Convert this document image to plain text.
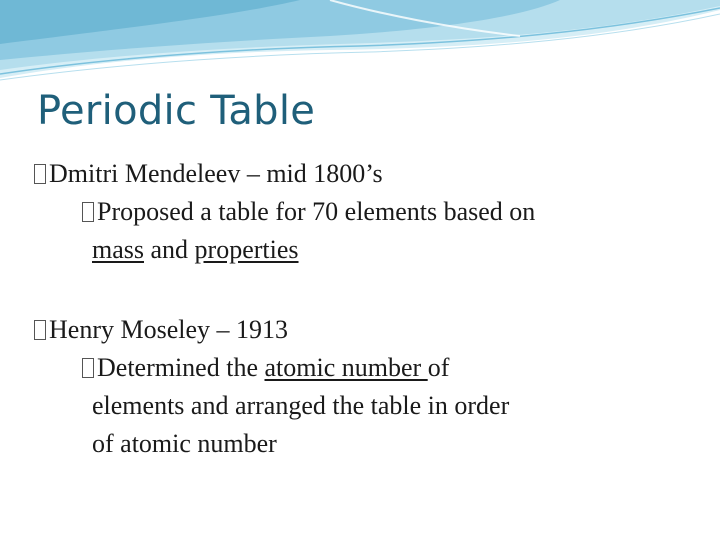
Periodic Table
Dmitri Mendeleev – mid 1800’s
Proposed a table for 70 elements based on
mass and properties
Henry Moseley – 1913
Determined the atomic number of
elements and arranged the table in order
of atomic number
